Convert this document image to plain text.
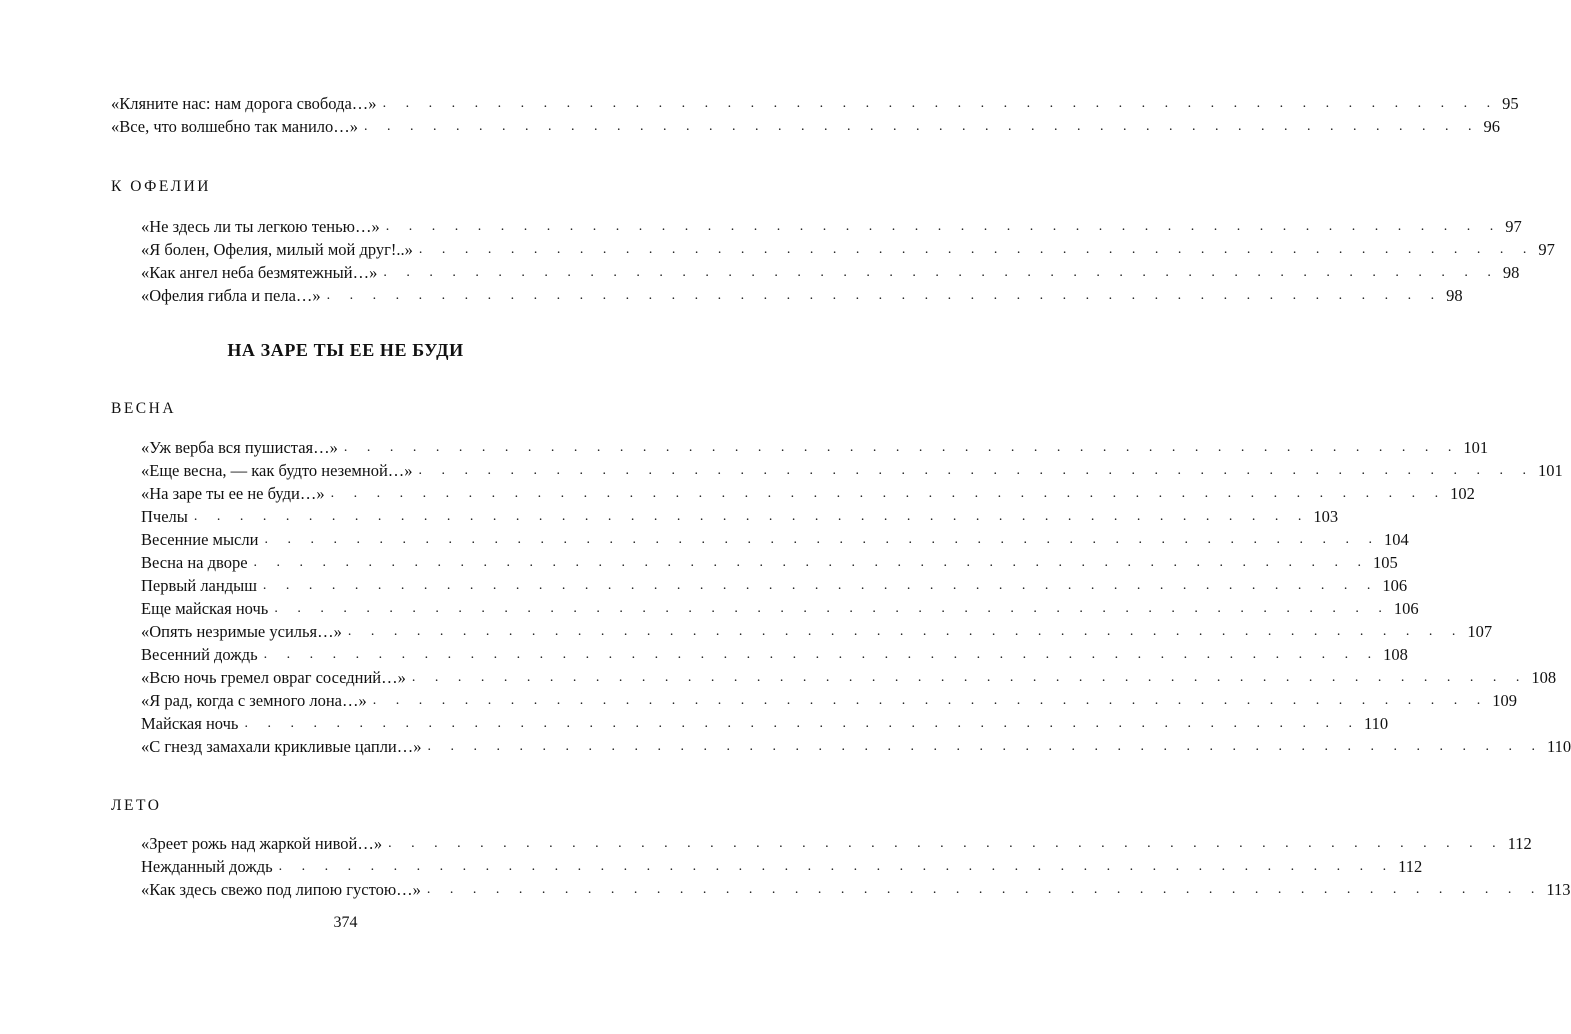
«Кляните нас: нам дорога свобода…» . . . . . . . . . . . . . . . . . . . . . . . . . . . . . . . . . . . . . . . . . . . . . . . . . 95
«Все, что волшебно так манило…» . . . . . . . . . . . . . . . . . . . . . . . . . . . . . . . . . . . . . . . . . . . . . . . . . 96
К ОФЕЛИИ
«Не здесь ли ты легкою тенью…» . . . . . . . . . . . . . . . . . . . . . . . . . . . . . . . . . . . . . . . . . . . . . . . . . 97
«Я болен, Офелия, милый мой друг!..» . . . . . . . . . . . . . . . . . . . . . . . . . . . . . . . . . . . . . . . . . . . . . . . . . 97
«Как ангел неба безмятежный…» . . . . . . . . . . . . . . . . . . . . . . . . . . . . . . . . . . . . . . . . . . . . . . . . . 98
«Офелия гибла и пела…» . . . . . . . . . . . . . . . . . . . . . . . . . . . . . . . . . . . . . . . . . . . . . . . . . 98
НА ЗАРЕ ТЫ ЕЕ НЕ БУДИ
ВЕСНА
«Уж верба вся пушистая…» . . . . . . . . . . . . . . . . . . . . . . . . . . . . . . . . . . . . . . . . . . . . . . . . . 101
«Еще весна, — как будто неземной…» . . . . . . . . . . . . . . . . . . . . . . . . . . . . . . . . . . . . . . . . . . . . . . . . . 101
«На заре ты ее не буди…» . . . . . . . . . . . . . . . . . . . . . . . . . . . . . . . . . . . . . . . . . . . . . . . . . 102
Пчелы . . . . . . . . . . . . . . . . . . . . . . . . . . . . . . . . . . . . . . . . . . . . . . . . . 103
Весенние мысли . . . . . . . . . . . . . . . . . . . . . . . . . . . . . . . . . . . . . . . . . . . . . . . . . 104
Весна на дворе . . . . . . . . . . . . . . . . . . . . . . . . . . . . . . . . . . . . . . . . . . . . . . . . . 105
Первый ландыш . . . . . . . . . . . . . . . . . . . . . . . . . . . . . . . . . . . . . . . . . . . . . . . . . 106
Еще майская ночь . . . . . . . . . . . . . . . . . . . . . . . . . . . . . . . . . . . . . . . . . . . . . . . . . 106
«Опять незримые усилья…» . . . . . . . . . . . . . . . . . . . . . . . . . . . . . . . . . . . . . . . . . . . . . . . . . 107
Весенний дождь . . . . . . . . . . . . . . . . . . . . . . . . . . . . . . . . . . . . . . . . . . . . . . . . . 108
«Всю ночь гремел овраг соседний…» . . . . . . . . . . . . . . . . . . . . . . . . . . . . . . . . . . . . . . . . . . . . . . . . . 108
«Я рад, когда с земного лона…» . . . . . . . . . . . . . . . . . . . . . . . . . . . . . . . . . . . . . . . . . . . . . . . . . 109
Майская ночь . . . . . . . . . . . . . . . . . . . . . . . . . . . . . . . . . . . . . . . . . . . . . . . . . 110
«С гнезд замахали крикливые цапли…» . . . . . . . . . . . . . . . . . . . . . . . . . . . . . . . . . . . . . . . . . . . . . . . . . 110
ЛЕТО
«Зреет рожь над жаркой нивой…» . . . . . . . . . . . . . . . . . . . . . . . . . . . . . . . . . . . . . . . . . . . . . . . . . 112
Нежданный дождь . . . . . . . . . . . . . . . . . . . . . . . . . . . . . . . . . . . . . . . . . . . . . . . . . 112
«Как здесь свежо под липою густою…» . . . . . . . . . . . . . . . . . . . . . . . . . . . . . . . . . . . . . . . . . . . . . . . . . 113
374
